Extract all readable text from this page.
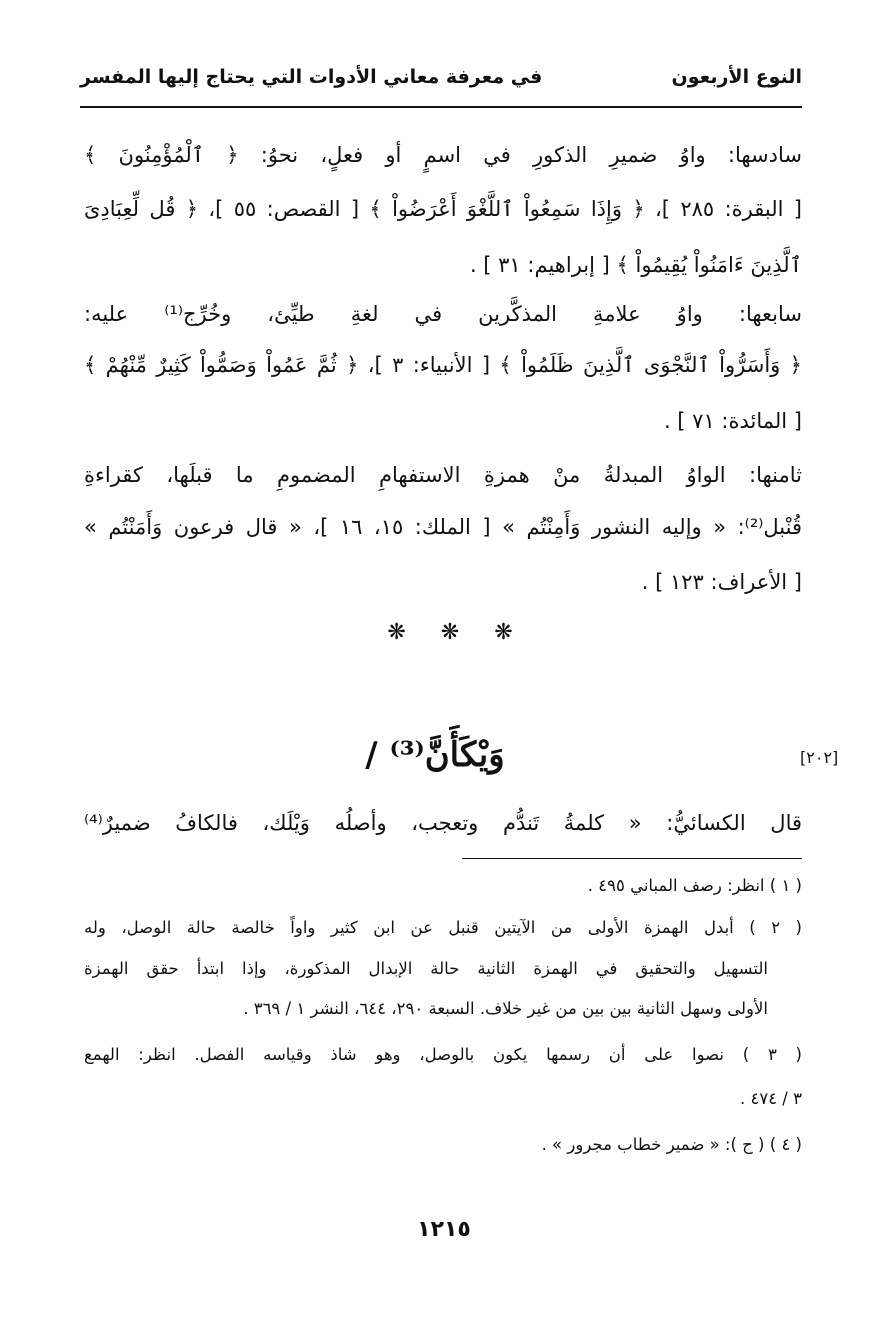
النوع الأربعون
في معرفة معاني الأدوات التي يحتاج إليها المفسر
سادسها: واوُ ضميرِ الذكورِ في اسمٍ أو فعلٍ، نحوُ: ﴿ ٱلْمُؤْمِنُونَ ﴾
[ البقرة: ٢٨٥ ]، ﴿ وَإِذَا سَمِعُواْ ٱللَّغْوَ أَعْرَضُواْ ﴾ [ القصص: ٥٥ ]، ﴿ قُل لِّعِبَادِىَ
ٱلَّذِينَ ءَامَنُواْ يُقِيمُواْ ﴾ [ إبراهيم: ٣١ ] .
سابعها: واوُ علامةِ المذكَّرين في لغةِ طيِّئ، وخُرِّج⁽¹⁾ عليه:
﴿ وَأَسَرُّواْ ٱلنَّجْوَى ٱلَّذِينَ ظَلَمُواْ ﴾ [ الأنبياء: ٣ ]، ﴿ ثُمَّ عَمُواْ وَصَمُّواْ كَثِيرٌ مِّنْهُمْ ﴾
[ المائدة: ٧١ ] .
ثامنها: الواوُ المبدلةُ منْ همزةِ الاستفهامِ المضمومِ ما قبلَها، كقراءةِ
قُنْبل⁽²⁾: « وإليه النشور وَأَمِنْتُم » [ الملك: ١٥، ١٦ ]، « قال فرعون وَأَمَنْتُم »
[ الأعراف: ١٢٣ ] .
❋ ❋ ❋
وَيْكَأَنَّ⁽³⁾ /	[٢٠٢]
قال الكسائيُّ: « كلمةُ تَندُّم وتعجب، وأصلُه وَيْلَك، فالكافُ ضميرٌ⁽⁴⁾
( ١ ) انظر: رصف المباني ٤٩٥ .
( ٢ ) أبدل الهمزة الأولى من الآيتين قنبل عن ابن كثير واواً خالصة حالة الوصل، وله
التسهيل والتحقيق في الهمزة الثانية حالة الإبدال المذكورة، وإذا ابتدأ حقق الهمزة
الأولى وسهل الثانية بين بين من غير خلاف. السبعة ٢٩٠، ٦٤٤، النشر ١ / ٣٦٩ .
( ٣ ) نصوا على أن رسمها يكون بالوصل، وهو شاذ وقياسه الفصل. انظر: الهمع
٣ / ٤٧٤ .
( ٤ ) ( ح ): « ضمير خطاب مجرور » .
١٢١٥
